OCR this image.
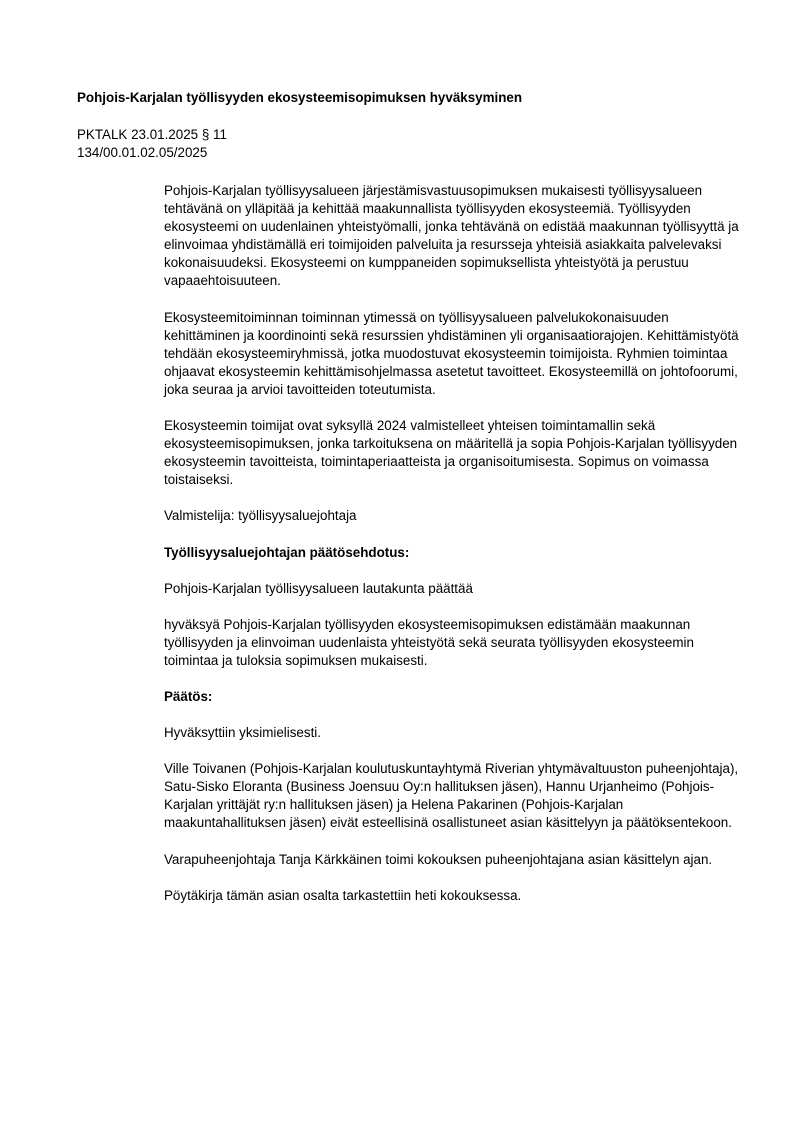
Pohjois-Karjalan työllisyyden ekosysteemisopimuksen hyväksyminen
PKTALK 23.01.2025 § 11
134/00.01.02.05/2025

Pohjois-Karjalan työllisyysalueen järjestämisvastuusopimuksen mukaisesti työllisyysalueen tehtävänä on ylläpitää ja kehittää maakunnallista työllisyyden ekosysteemiä. Työllisyyden ekosysteemi on uudenlainen yhteistyömalli, jonka tehtävänä on edistää maakunnan työllisyyttä ja elinvoimaa yhdistämällä eri toimijoiden palveluita ja resursseja yhteisiä asiakkaita palvelevaksi kokonaisuudeksi. Ekosysteemi on kumppaneiden sopimuksellista yhteistyötä ja perustuu vapaaehtoisuuteen.

Ekosysteemitoiminnan toiminnan ytimessä on työllisyysalueen palvelukokonaisuuden kehittäminen ja koordinointi sekä resurssien yhdistäminen yli organisaatiorajojen. Kehittämistyötä tehdään ekosysteemiryhmissä, jotka muodostuvat ekosysteemin toimijoista. Ryhmien toimintaa ohjaavat ekosysteemin kehittämisohjelmassa asetetut tavoitteet. Ekosysteemillä on johtofoorumi, joka seuraa ja arvioi tavoitteiden toteutumista.

Ekosysteemin toimijat ovat syksyllä 2024 valmistelleet yhteisen toimintamallin sekä ekosysteemisopimuksen, jonka tarkoituksena on määritellä ja sopia Pohjois-Karjalan työllisyyden ekosysteemin tavoitteista, toimintaperiaatteista ja organisoitumisesta. Sopimus on voimassa toistaiseksi.

Valmistelija: työllisyysaluejohtaja

Työllisyysaluejohtajan päätösehdotus:

Pohjois-Karjalan työllisyysalueen lautakunta päättää

hyväksyä Pohjois-Karjalan työllisyyden ekosysteemisopimuksen edistämään maakunnan työllisyyden ja elinvoiman uudenlaista yhteistyötä sekä seurata työllisyyden ekosysteemin toimintaa ja tuloksia sopimuksen mukaisesti.

Päätös:

Hyväksyttiin yksimielisesti.

Ville Toivanen (Pohjois-Karjalan koulutuskuntayhtymä Riverian yhtymävaltuuston puheenjohtaja), Satu-Sisko Eloranta (Business Joensuu Oy:n hallituksen jäsen), Hannu Urjanheimo (Pohjois-Karjalan yrittäjät ry:n hallituksen jäsen) ja Helena Pakarinen (Pohjois-Karjalan maakuntahallituksen jäsen) eivät esteellisinä osallistuneet asian käsittelyyn ja päätöksentekoon.

Varapuheenjohtaja Tanja Kärkkäinen toimi kokouksen puheenjohtajana asian käsittelyn ajan.

Pöytäkirja tämän asian osalta tarkastettiin heti kokouksessa.
